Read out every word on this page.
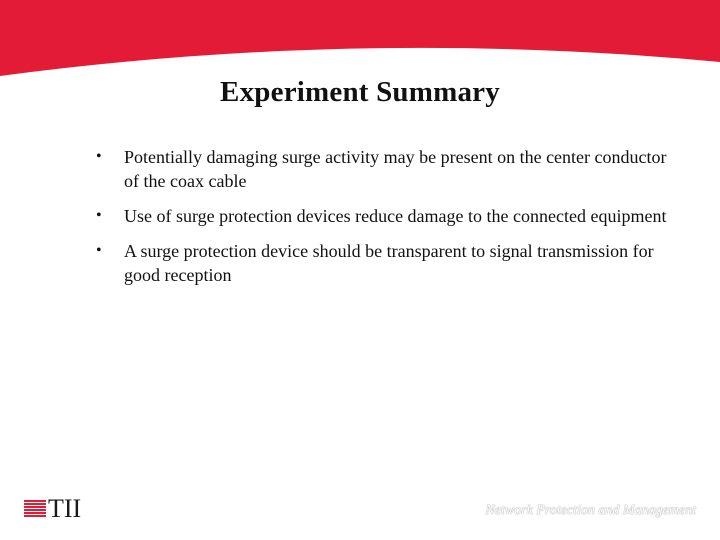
Experiment Summary
• Potentially damaging surge activity may be present on the center conductor of the coax cable
• Use of surge protection devices reduce damage to the connected equipment
• A surge protection device should be transparent to signal transmission for good reception
TII	Network Protection and Management
